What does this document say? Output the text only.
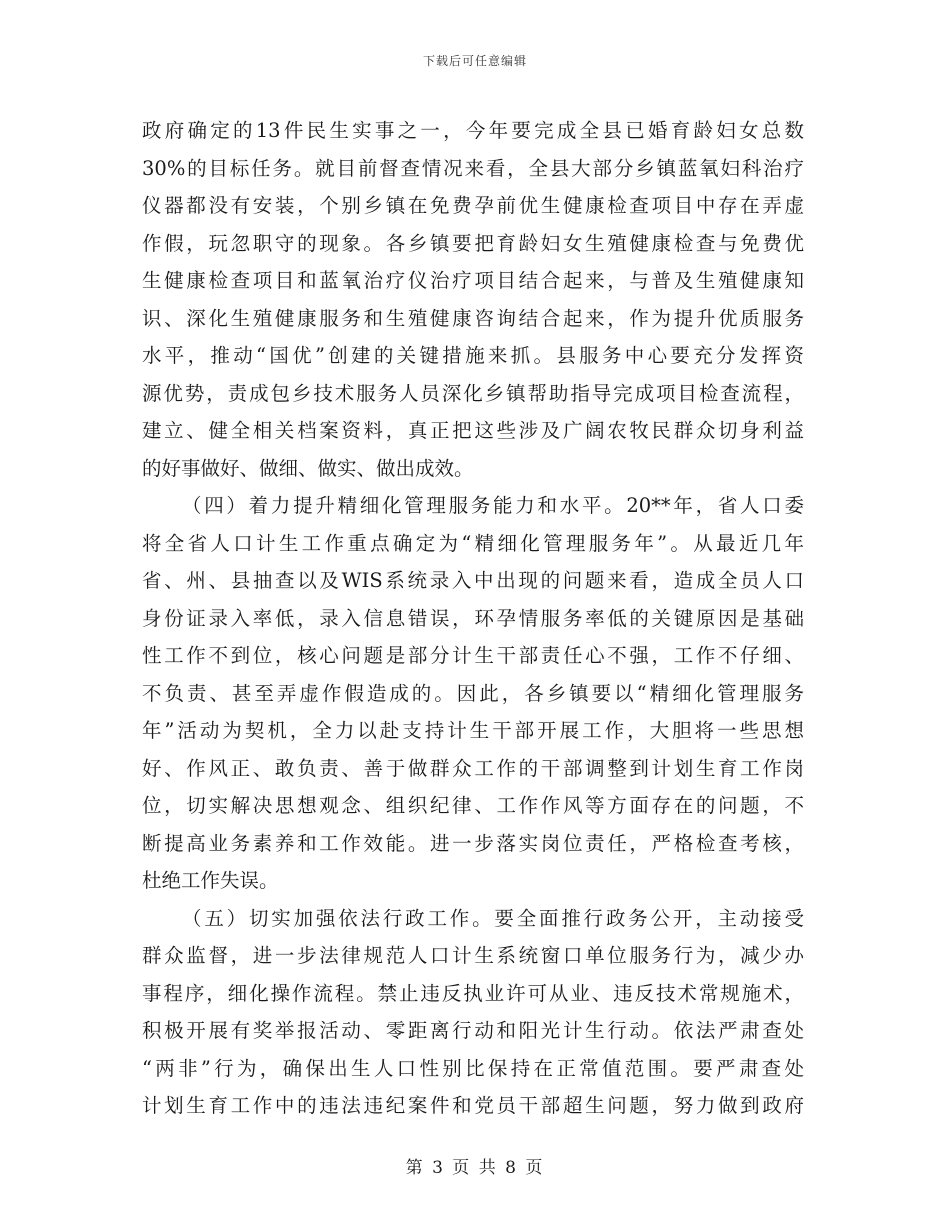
下载后可任意编辑

政府确定的13件民生实事之一，今年要完成全县已婚育龄妇女总数
30%的目标任务。就目前督查情况来看，全县大部分乡镇蓝氧妇科治疗
仪器都没有安装，个别乡镇在免费孕前优生健康检查项目中存在弄虚
作假，玩忽职守的现象。各乡镇要把育龄妇女生殖健康检查与免费优
生健康检查项目和蓝氧治疗仪治疗项目结合起来，与普及生殖健康知
识、深化生殖健康服务和生殖健康咨询结合起来，作为提升优质服务
水平，推动“国优”创建的关键措施来抓。县服务中心要充分发挥资
源优势，责成包乡技术服务人员深化乡镇帮助指导完成项目检查流程，
建立、健全相关档案资料，真正把这些涉及广阔农牧民群众切身利益
的好事做好、做细、做实、做出成效。

（四）着力提升精细化管理服务能力和水平。20**年，省人口委
将全省人口计生工作重点确定为“精细化管理服务年”。从最近几年
省、州、县抽查以及WIS系统录入中出现的问题来看，造成全员人口
身份证录入率低，录入信息错误，环孕情服务率低的关键原因是基础
性工作不到位，核心问题是部分计生干部责任心不强，工作不仔细、
不负责、甚至弄虚作假造成的。因此，各乡镇要以“精细化管理服务
年”活动为契机，全力以赴支持计生干部开展工作，大胆将一些思想
好、作风正、敢负责、善于做群众工作的干部调整到计划生育工作岗
位，切实解决思想观念、组织纪律、工作作风等方面存在的问题，不
断提高业务素养和工作效能。进一步落实岗位责任，严格检查考核，
杜绝工作失误。

（五）切实加强依法行政工作。要全面推行政务公开，主动接受
群众监督，进一步法律规范人口计生系统窗口单位服务行为，减少办
事程序，细化操作流程。禁止违反执业许可从业、违反技术常规施术，
积极开展有奖举报活动、零距离行动和阳光计生行动。依法严肃查处
“两非”行为，确保出生人口性别比保持在正常值范围。要严肃查处
计划生育工作中的违法违纪案件和党员干部超生问题，努力做到政府

第 3 页 共 8 页
